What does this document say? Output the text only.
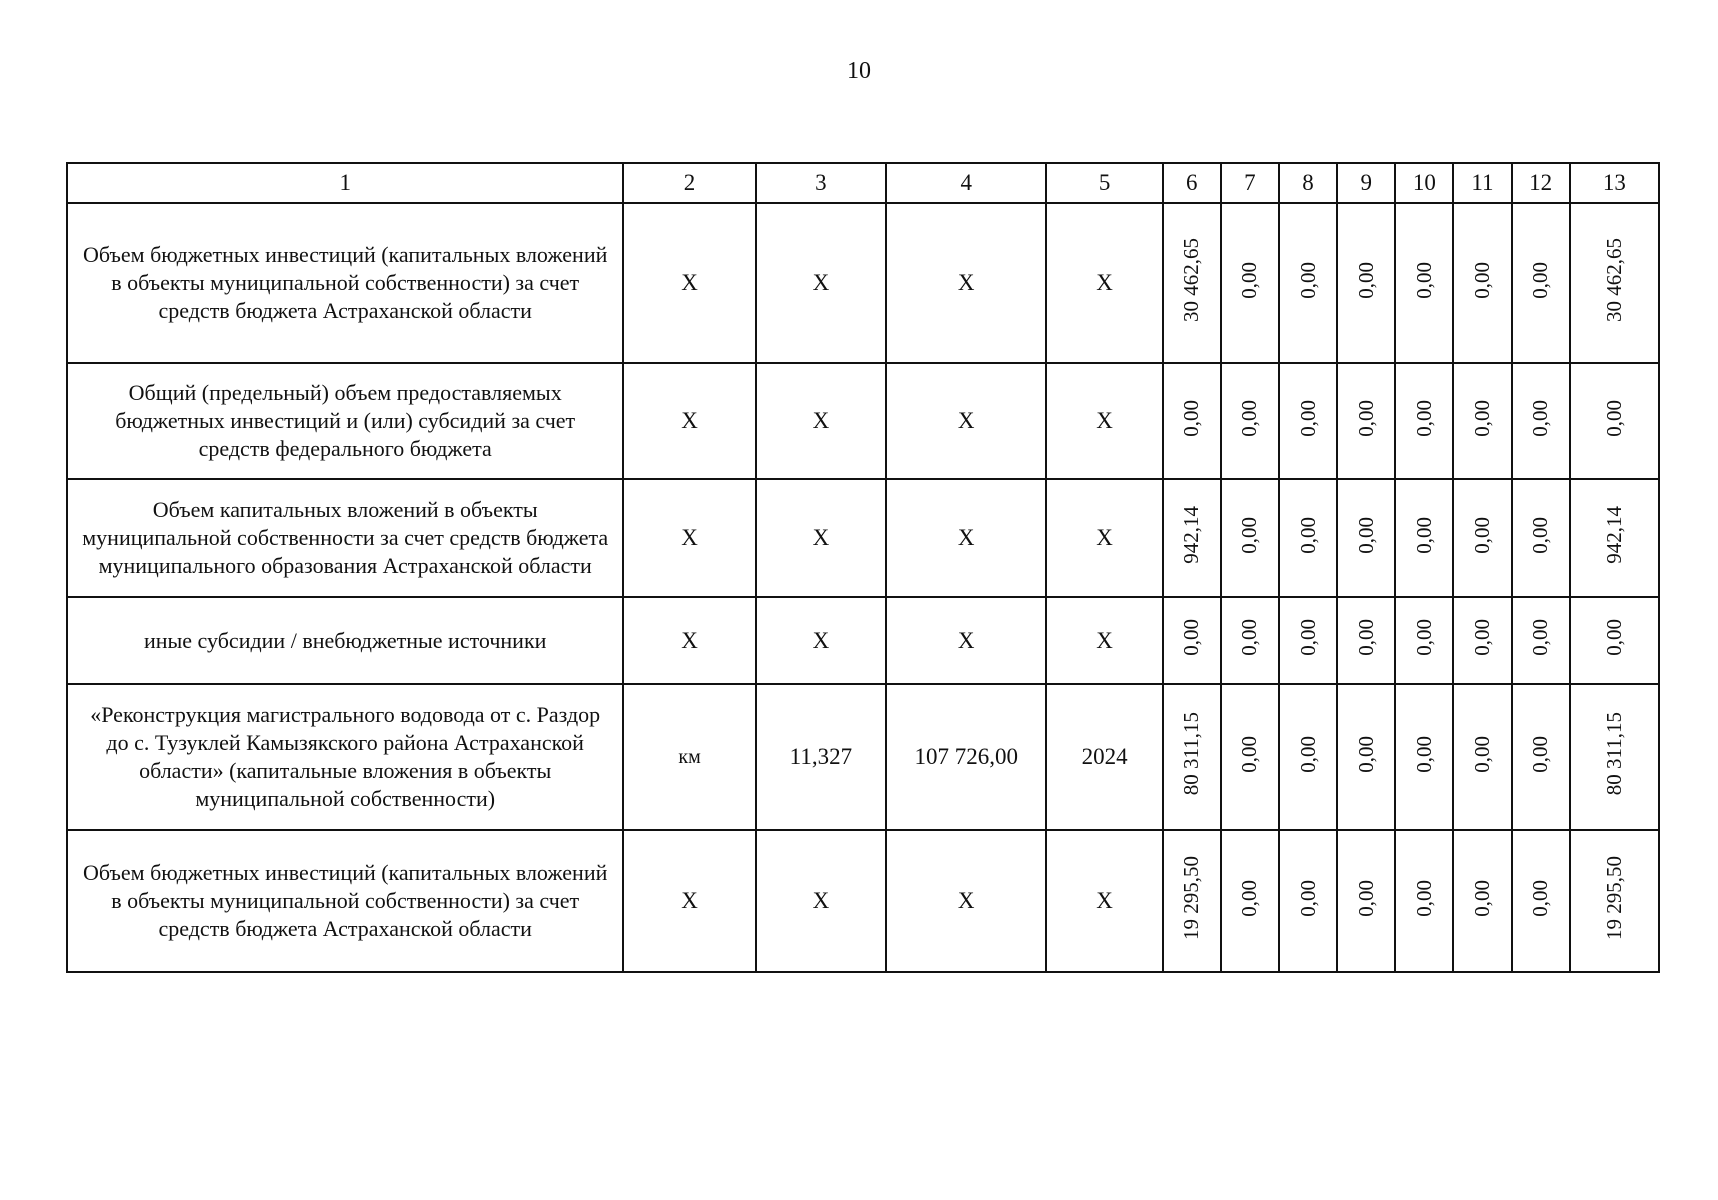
10
1	2	3	4	5	6	7	8	9	10	11	12	13
Объем бюджетных инвестиций (капитальных вложений в объекты муниципальной собственности) за счет средств бюджета Астраханской области	Х	Х	Х	Х	30 462,65	0,00	0,00	0,00	0,00	0,00	0,00	30 462,65
Общий (предельный) объем предоставляемых бюджетных инвестиций и (или) субсидий за счет средств федерального бюджета	Х	Х	Х	Х	0,00	0,00	0,00	0,00	0,00	0,00	0,00	0,00
Объем капитальных вложений в объекты муниципальной собственности за счет средств бюджета муниципального образования Астраханской области	Х	Х	Х	Х	942,14	0,00	0,00	0,00	0,00	0,00	0,00	942,14
иные субсидии / внебюджетные источники	Х	Х	Х	Х	0,00	0,00	0,00	0,00	0,00	0,00	0,00	0,00
«Реконструкция магистрального водовода от с. Раздор до с. Тузуклей Камызякского района Астраханской области» (капитальные вложения в объекты муниципальной собственности)	км	11,327	107 726,00	2024	80 311,15	0,00	0,00	0,00	0,00	0,00	0,00	80 311,15
Объем бюджетных инвестиций (капитальных вложений в объекты муниципальной собственности) за счет средств бюджета Астраханской области	Х	Х	Х	Х	19 295,50	0,00	0,00	0,00	0,00	0,00	0,00	19 295,50
